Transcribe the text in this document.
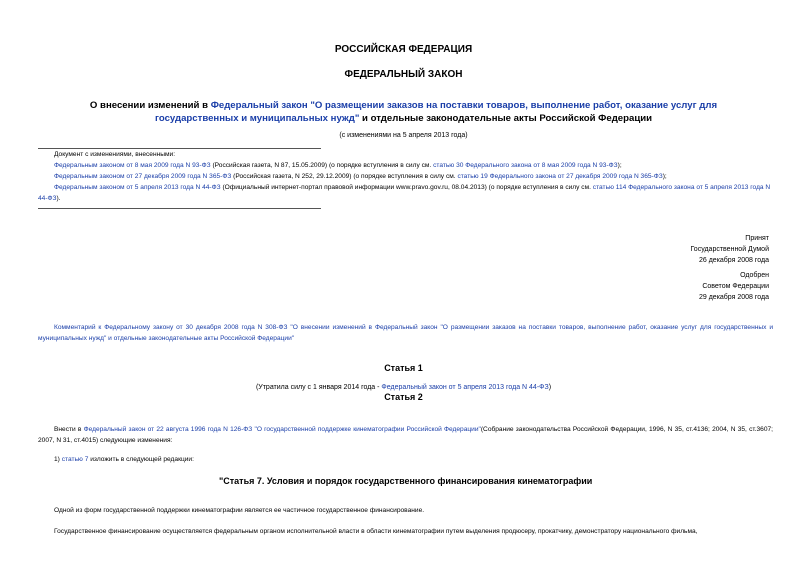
РОССИЙСКАЯ ФЕДЕРАЦИЯ
ФЕДЕРАЛЬНЫЙ ЗАКОН
О внесении изменений в Федеральный закон "О размещении заказов на поставки товаров, выполнение работ, оказание услуг для государственных и муниципальных нужд" и отдельные законодательные акты Российской Федерации
(с изменениями на 5 апреля 2013 года)
Документ с изменениями, внесенными:
Федеральным законом от 8 мая 2009 года N 93-ФЗ (Российская газета, N 87, 15.05.2009) (о порядке вступления в силу см. статью 30 Федерального закона от 8 мая 2009 года N 93-ФЗ);
Федеральным законом от 27 декабря 2009 года N 365-ФЗ (Российская газета, N 252, 29.12.2009) (о порядке вступления в силу см. статью 19 Федерального закона от 27 декабря 2009 года N 365-ФЗ);
Федеральным законом от 5 апреля 2013 года N 44-ФЗ (Официальный интернет-портал правовой информации www.pravo.gov.ru, 08.04.2013) (о порядке вступления в силу см. статью 114 Федерального закона от 5 апреля 2013 года N 44-ФЗ).
Принят
Государственной Думой
26 декабря 2008 года
Одобрен
Советом Федерации
29 декабря 2008 года
Комментарий к Федеральному закону от 30 декабря 2008 года N 308-ФЗ "О внесении изменений в Федеральный закон "О размещении заказов на поставки товаров, выполнение работ, оказание услуг для государственных и муниципальных нужд" и отдельные законодательные акты Российской Федерации"
Статья 1
(Утратила силу с 1 января 2014 года - Федеральный закон от 5 апреля 2013 года N 44-ФЗ)
Статья 2
Внести в Федеральный закон от 22 августа 1996 года N 126-ФЗ "О государственной поддержке кинематографии Российской Федерации"(Собрание законодательства Российской Федерации, 1996, N 35, ст.4136; 2004, N 35, ст.3607; 2007, N 31, ст.4015) следующие изменения:
1) статью 7 изложить в следующей редакции:
"Статья 7. Условия и порядок государственного финансирования кинематографии
Одной из форм государственной поддержки кинематографии является ее частичное государственное финансирование.
Государственное финансирование осуществляется федеральным органом исполнительной власти в области кинематографии путем выделения продюсеру, прокатчику, демонстратору национального фильма,
